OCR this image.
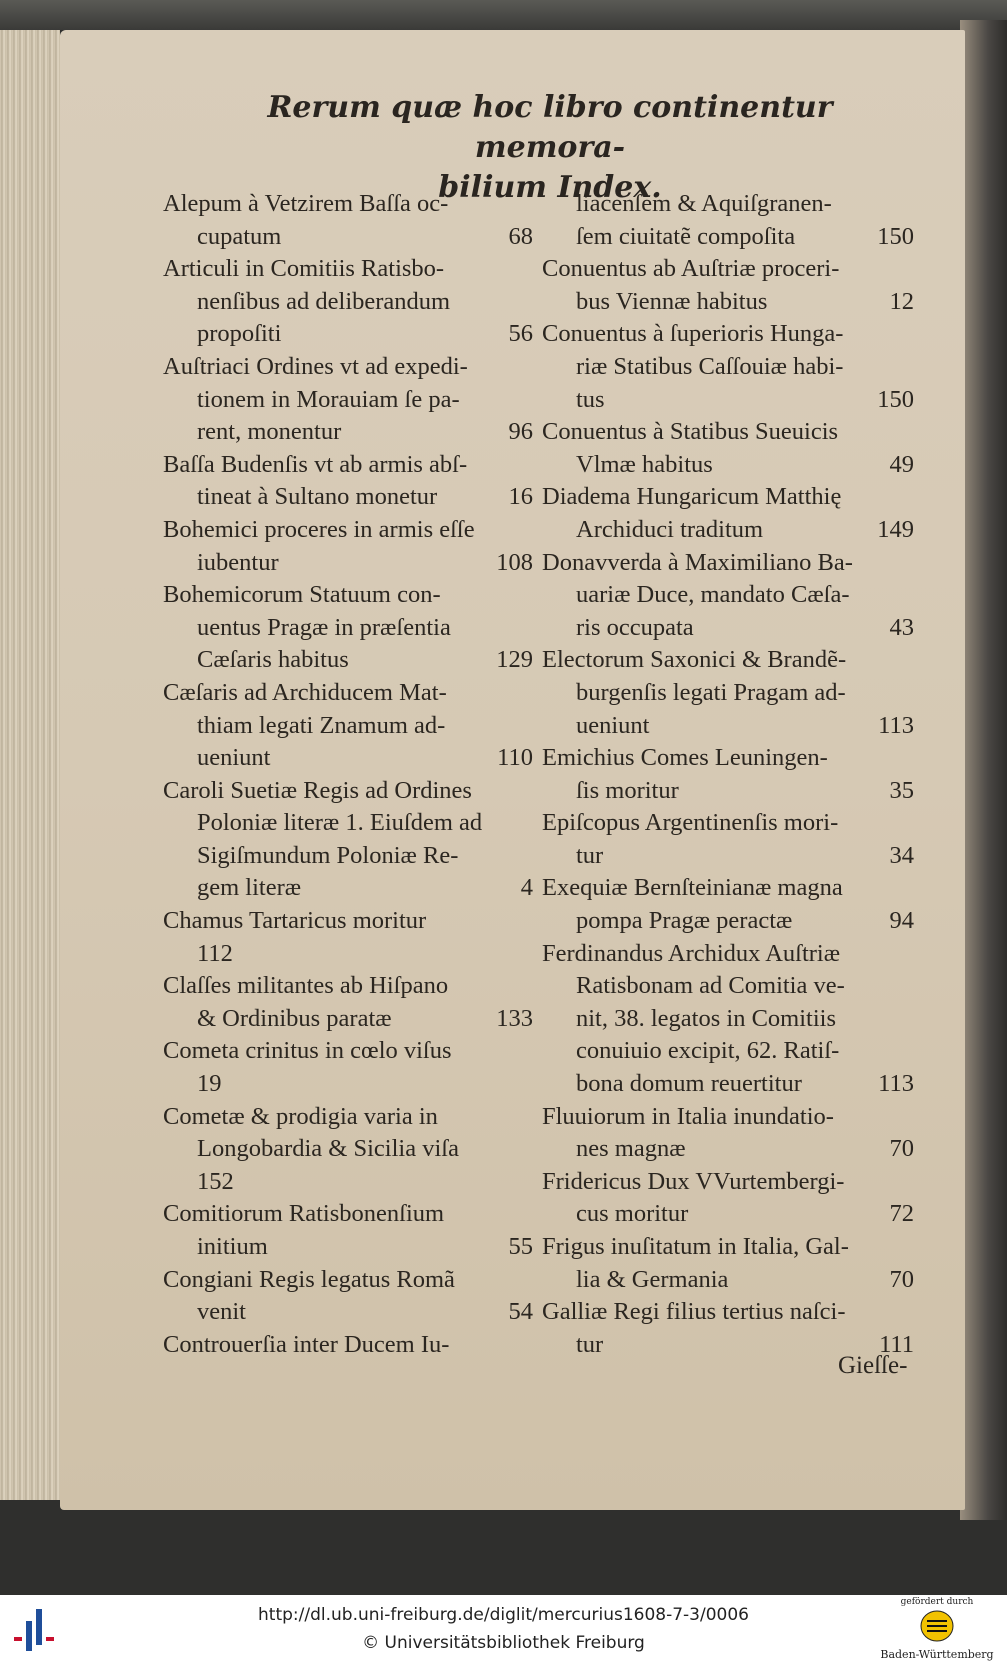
Rerum quæ hoc libro continentur memora-
bilium Index.
Alepum à Vetzirem Baſſa oc-
cupatum	68
Articuli in Comitiis Ratisbo-
nenſibus ad deliberandum
propoſiti	56
Auſtriaci Ordines vt ad expedi-
tionem in Morauiam ſe pa-
rent, monentur	96
Baſſa Budenſis vt ab armis abſ-
tineat à Sultano monetur	16
Bohemici proceres in armis eſſe
iubentur	108
Bohemicorum Statuum con-
uentus Pragæ in præſentia
Cæſaris habitus	129
Cæſaris ad Archiducem Mat-
thiam legati Znamum ad-
ueniunt	110
Caroli Suetiæ Regis ad Ordines
Poloniæ literæ 1. Eiuſdem ad
Sigiſmundum Poloniæ Re-
gem literæ	4
Chamus Tartaricus moritur
112
Claſſes militantes ab Hiſpano
& Ordinibus paratæ	133
Cometa crinitus in cœlo viſus
19
Cometæ & prodigia varia in
Longobardia & Sicilia viſa
152
Comitiorum Ratisbonenſium
initium	55
Congiani Regis legatus Romã
venit	54
Controuerſia inter Ducem Iu-
liacenſem & Aquiſgranen-
ſem ciuitatẽ compoſita	150
Conuentus ab Auſtriæ proceri-
bus Viennæ habitus	12
Conuentus à ſuperioris Hunga-
riæ Statibus Caſſouiæ habi-
tus	150
Conuentus à Statibus Sueuicis
Vlmæ habitus	49
Diadema Hungaricum Matthię
Archiduci traditum	149
Donavverda à Maximiliano Ba-
uariæ Duce, mandato Cæſa-
ris occupata	43
Electorum Saxonici & Brandẽ-
burgenſis legati Pragam ad-
ueniunt	113
Emichius Comes Leuningen-
ſis moritur	35
Epiſcopus Argentinenſis mori-
tur	34
Exequiæ Bernſteinianæ magna
pompa Pragæ peractæ	94
Ferdinandus Archidux Auſtriæ
Ratisbonam ad Comitia ve-
nit, 38. legatos in Comitiis
conuiuio excipit, 62. Ratiſ-
bona domum reuertitur	113
Fluuiorum in Italia inundatio-
nes magnæ	70
Fridericus Dux VVurtembergi-
cus moritur	72
Frigus inuſitatum in Italia, Gal-
lia & Germania	70
Galliæ Regi filius tertius naſci-
tur	111
Gieſſe-
http://dl.ub.uni-freiburg.de/diglit/mercurius1608-7-3/0006
© Universitätsbibliothek Freiburg
gefördert durch
Baden-Württemberg
